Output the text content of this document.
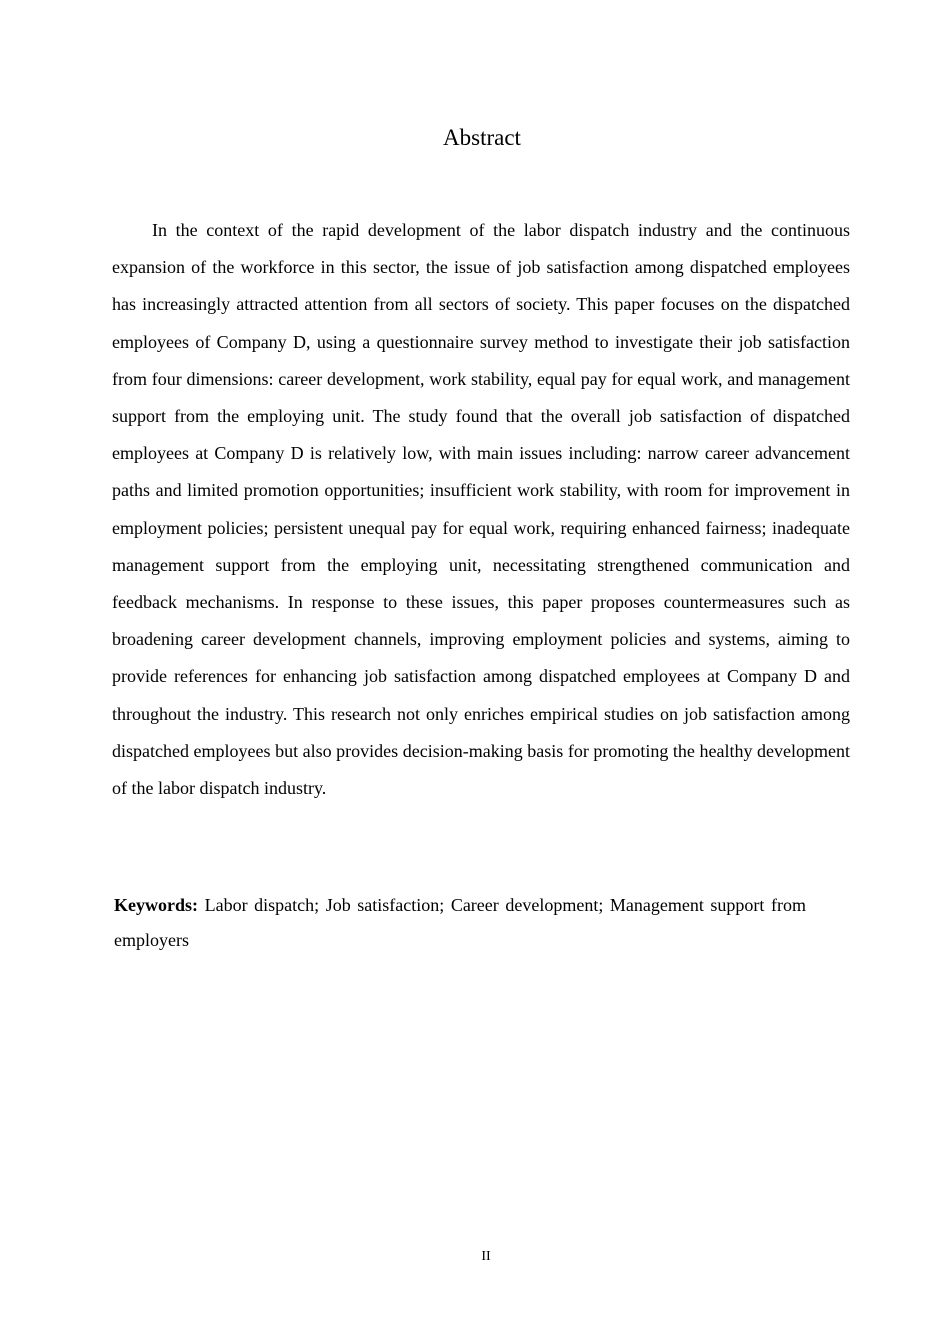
Abstract

In the context of the rapid development of the labor dispatch industry and the continuous expansion of the workforce in this sector, the issue of job satisfaction among dispatched employees has increasingly attracted attention from all sectors of society. This paper focuses on the dispatched employees of Company D, using a questionnaire survey method to investigate their job satisfaction from four dimensions: career development, work stability, equal pay for equal work, and management support from the employing unit. The study found that the overall job satisfaction of dispatched employees at Company D is relatively low, with main issues including: narrow career advancement paths and limited promotion opportunities; insufficient work stability, with room for improvement in employment policies; persistent unequal pay for equal work, requiring enhanced fairness; inadequate management support from the employing unit, necessitating strengthened communication and feedback mechanisms. In response to these issues, this paper proposes countermeasures such as broadening career development channels, improving employment policies and systems, aiming to provide references for enhancing job satisfaction among dispatched employees at Company D and throughout the industry. This research not only enriches empirical studies on job satisfaction among dispatched employees but also provides decision-making basis for promoting the healthy development of the labor dispatch industry.

Keywords: Labor dispatch; Job satisfaction; Career development; Management support from employers

II
